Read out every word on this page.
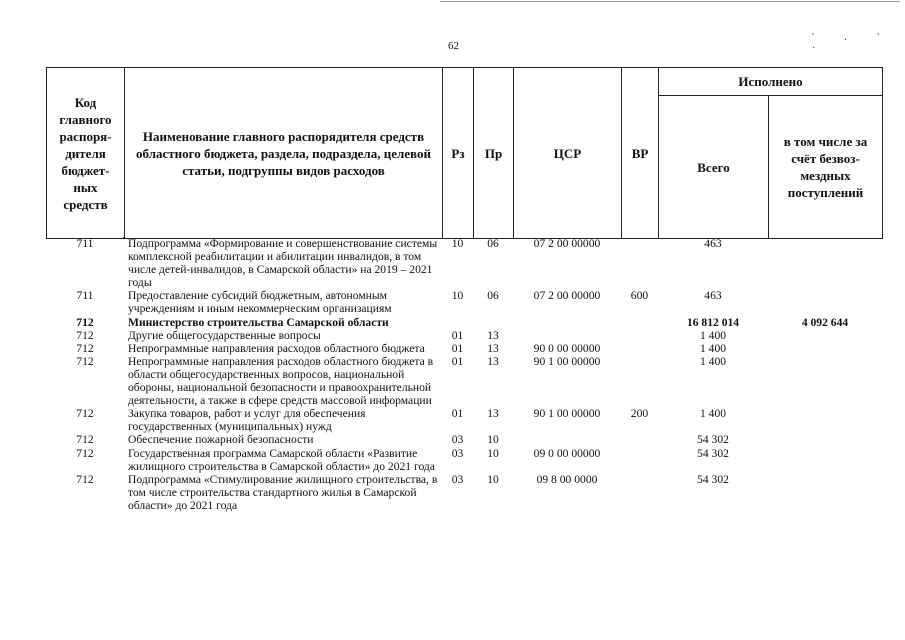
62
' . ' ·
Код главного распоря-дителя бюджет-ных средств	Наименование главного распорядителя средств областного бюджета, раздела, подраздела, целевой статьи, подгруппы видов расходов	Рз	Пр	ЦСР	ВР	Исполнено	
						Всего	в том числе за счёт безвоз-мездных поступлений
711	Подпрограмма «Формирование и совершенствование системы комплексной реабилитации и абилитации инвалидов, в том числе детей-инвалидов, в Самарской области» на 2019 – 2021 годы	10	06	07 2 00 00000		463	
711	Предоставление субсидий бюджетным, автономным учреждениям и иным некоммерческим организациям	10	06	07 2 00 00000	600	463	
712	Министерство строительства Самарской области					16 812 014	4 092 644
712	Другие общегосударственные вопросы	01	13			1 400	
712	Непрограммные направления расходов областного бюджета	01	13	90 0 00 00000		1 400	
712	Непрограммные направления расходов областного бюджета в области общегосударственных вопросов, национальной обороны, национальной безопасности и правоохранительной деятельности, а также в сфере средств массовой информации	01	13	90 1 00 00000		1 400	
712	Закупка товаров, работ и услуг для обеспечения государственных (муниципальных) нужд	01	13	90 1 00 00000	200	1 400	
712	Обеспечение пожарной безопасности	03	10			54 302	
712	Государственная программа Самарской области «Развитие жилищного строительства в Самарской области» до 2021 года	03	10	09 0 00 00000		54 302	
712	Подпрограмма «Стимулирование жилищного строительства, в том числе строительства стандартного жилья в Самарской области» до 2021 года	03	10	09 8 00 0000		54 302	
